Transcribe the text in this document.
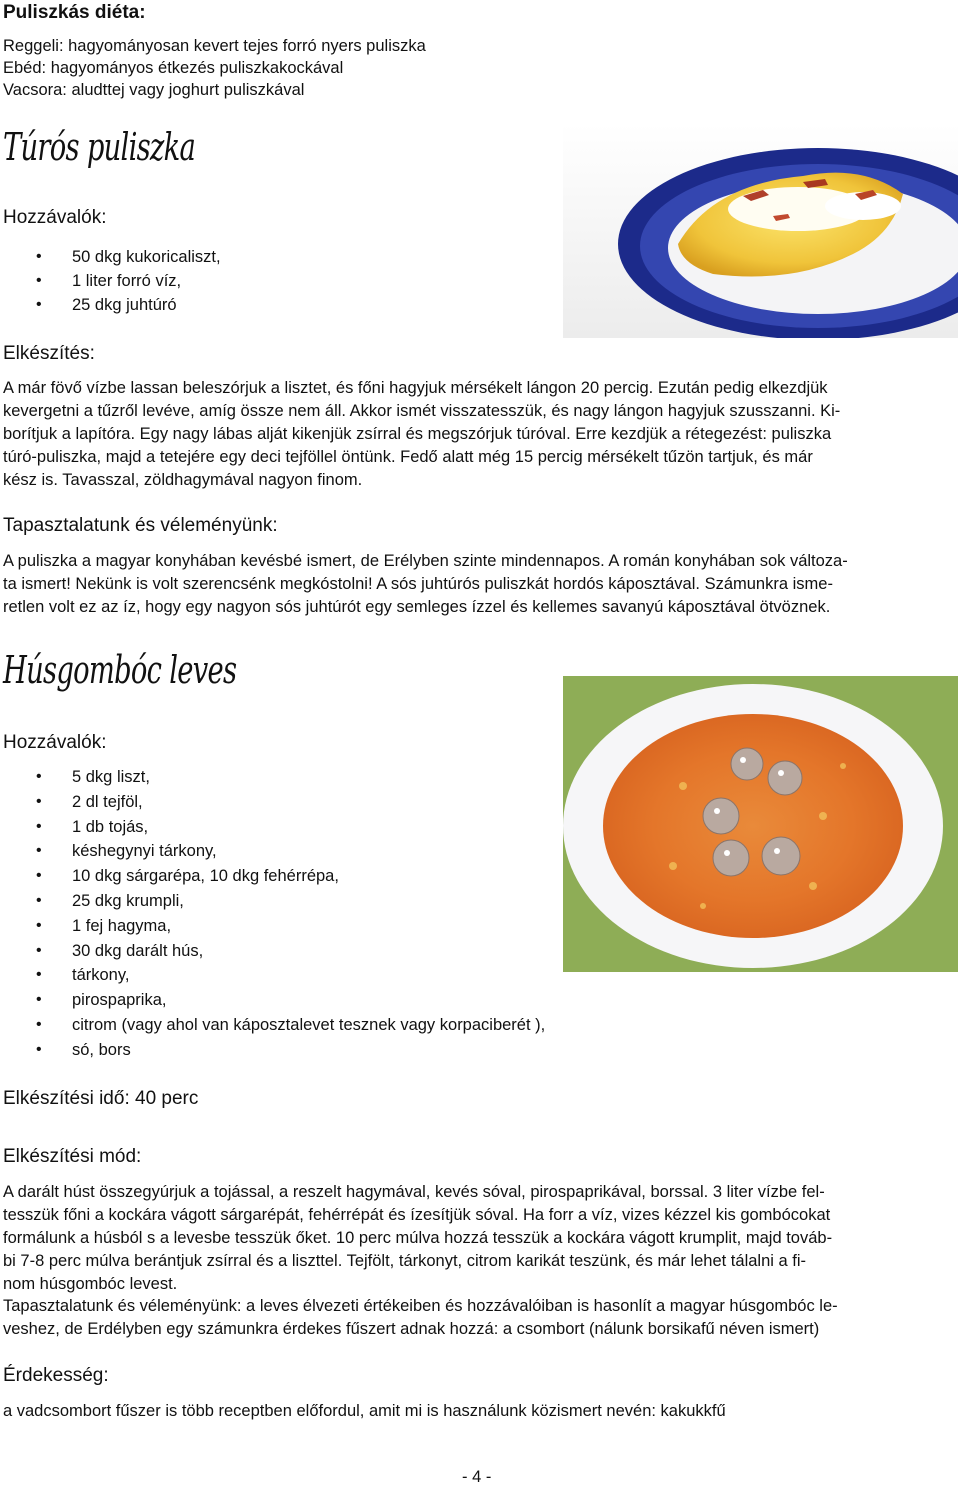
Puliszkás diéta:
Reggeli: hagyományosan kevert tejes forró nyers puliszka
Ebéd: hagyományos étkezés puliszkakockával
Vacsora: aludttej vagy joghurt puliszkával
Túrós puliszka
Hozzávalók:
• 50 dkg kukoricaliszt,
• 1 liter forró víz,
• 25 dkg juhtúró
Elkészítés:
A már fövő vízbe lassan beleszórjuk a lisztet, és főni hagyjuk mérsékelt lángon 20 percig. Ezután pedig elkezdjük
kevergetni a tűzről levéve, amíg össze nem áll. Akkor ismét visszatesszük, és nagy lángon hagyjuk szusszanni. Ki-
borítjuk a lapítóra. Egy nagy lábas alját kikenjük zsírral és megszórjuk túróval. Erre kezdjük a rétegezést: puliszka
túró-puliszka, majd a tetejére egy deci tejföllel öntünk. Fedő alatt még 15 percig mérsékelt tűzön tartjuk, és már
kész is. Tavasszal, zöldhagymával nagyon finom.
Tapasztalatunk és véleményünk:
A puliszka a magyar konyhában kevésbé ismert, de Erélyben szinte mindennapos. A román konyhában sok változa-
ta ismert! Nekünk is volt szerencsénk megkóstolni! A sós juhtúrós puliszkát hordós káposztával. Számunkra isme-
retlen volt ez az íz, hogy egy nagyon sós juhtúrót egy semleges ízzel és kellemes savanyú káposztával ötvöznek.
Húsgombóc leves
Hozzávalók:
• 5 dkg liszt,
• 2 dl tejföl,
• 1 db tojás,
• késhegynyi tárkony,
• 10 dkg sárgarépa, 10 dkg fehérrépa,
• 25 dkg krumpli,
• 1 fej hagyma,
• 30 dkg darált hús,
• tárkony,
• pirospaprika,
• citrom (vagy ahol van káposztalevet tesznek vagy korpaciberét ),
• só, bors
Elkészítési idő: 40 perc
Elkészítési mód:
A darált húst összegyúrjuk a tojással, a reszelt hagymával, kevés sóval, pirospaprikával, borssal. 3 liter vízbe fel-
tesszük főni a kockára vágott sárgarépát, fehérrépát és ízesítjük sóval. Ha forr a víz, vizes kézzel kis gombócokat
formálunk a húsból s a levesbe tesszük őket. 10 perc múlva hozzá tesszük a kockára vágott krumplit, majd továb-
bi 7-8 perc múlva berántjuk zsírral és a liszttel. Tejfölt, tárkonyt, citrom karikát teszünk, és már lehet tálalni a fi-
nom húsgombóc levest.
Tapasztalatunk és véleményünk: a leves élvezeti értékeiben és hozzávalóiban is hasonlít a magyar húsgombóc le-
veshez, de Erdélyben egy számunkra érdekes fűszert adnak hozzá: a csombort (nálunk borsikafű néven ismert)
Érdekesség:
a vadcsombort fűszer is több receptben előfordul, amit mi is használunk közismert nevén: kakukkfű
- 4 -
